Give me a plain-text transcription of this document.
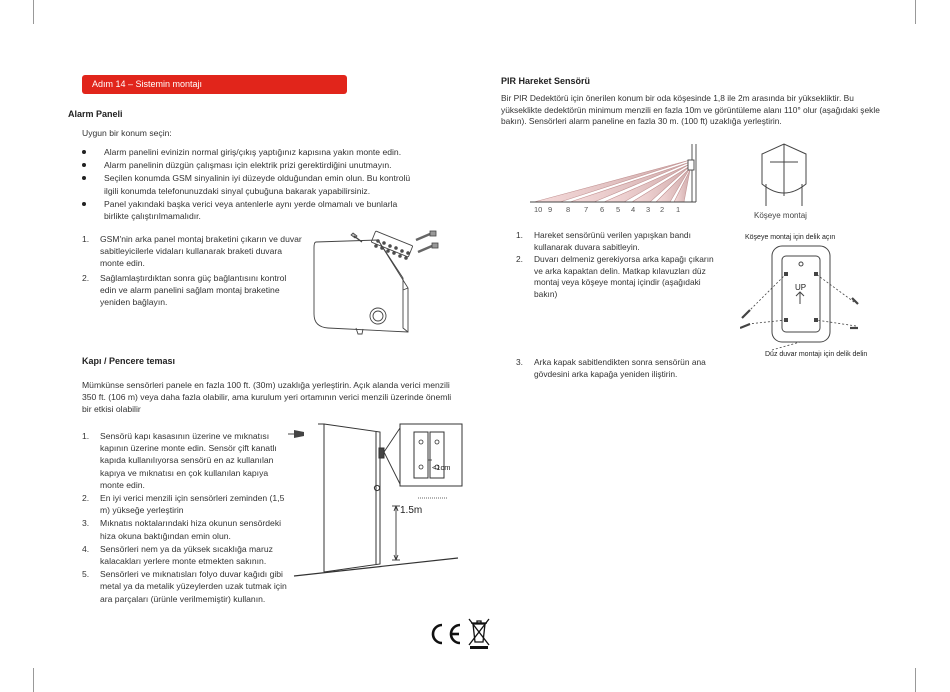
Adım 14 – Sistemin montajı
Alarm Paneli
Uygun bir konum seçin:
Alarm panelini evinizin normal giriş/çıkış yaptığınız kapısına yakın monte edin.
Alarm panelinin düzgün çalışması için elektrik prizi gerektirdiğini unutmayın.
Seçilen konumda GSM sinyalinin iyi düzeyde olduğundan emin olun. Bu kontrolü ilgili konumda telefonunuzdaki sinyal çubuğuna bakarak yapabilirsiniz.
Panel yakındaki başka verici veya antenlerle aynı yerde olmamalı ve bunlarla birlikte çalıştırılmamalıdır.
1. GSM'nin arka panel montaj braketini çıkarın ve duvar sabitleyicilerle vidaları kullanarak braketi duvara monte edin.
2. Sağlamlaştırdıktan sonra güç bağlantısını kontrol edin ve alarm panelini sağlam montaj braketine yeniden bağlayın.
Kapı / Pencere teması
Mümkünse sensörleri panele en fazla 100 ft. (30m) uzaklığa yerleştirin. Açık alanda verici menzili 350 ft. (106 m) veya daha fazla olabilir, ama kurulum yeri ortamının verici menzili üzerinde önemli bir etkisi olabilir
1. Sensörü kapı kasasının üzerine ve mıknatısı kapının üzerine monte edin. Sensör çift kanatlı kapıda kullanılıyorsa sensörü en az kullanılan kapıya ve mıknatısı en çok kullanılan kapıya monte edin.
2. En iyi verici menzili için sensörleri zeminden (1,5 m) yükseğe yerleştirin
3. Mıknatıs noktalarındaki hiza okunun sensördeki hiza okuna baktığından emin olun.
4. Sensörleri nem ya da yüksek sıcaklığa maruz kalacakları yerlere monte etmekten sakının.
5. Sensörleri ve mıknatısları folyo duvar kağıdı gibi metal ya da metalik yüzeylerden uzak tutmak için ara parçaları (ürünle verilmemiştir) kullanın.
<1cm
1.5m
PIR Hareket Sensörü
Bir PIR Dedektörü için önerilen konum bir oda köşesinde 1,8 ile 2m arasında bir yüksekliktir. Bu yükseklikte dedektörün minimum menzili en fazla 10m ve görüntüleme alanı 110° olur (aşağıdaki şekle bakın). Sensörleri alarm paneline en fazla 30 m. (100 ft) uzaklığa yerleştirin.
10 9 8 7 6 5 4 3 2 1
Köşeye montaj
1. Hareket sensörünü verilen yapışkan bandı kullanarak duvara sabitleyin.
2. Duvarı delmeniz gerekiyorsa arka kapağı çıkarın ve arka kapaktan delin. Matkap kılavuzları düz montaj veya köşeye montaj içindir (aşağıdaki bakın)
3. Arka kapak sabitlendikten sonra sensörün ana gövdesini arka kapağa yeniden iliştirin.
Köşeye montaj için delik açın
UP
Düz duvar montajı için delik delin
